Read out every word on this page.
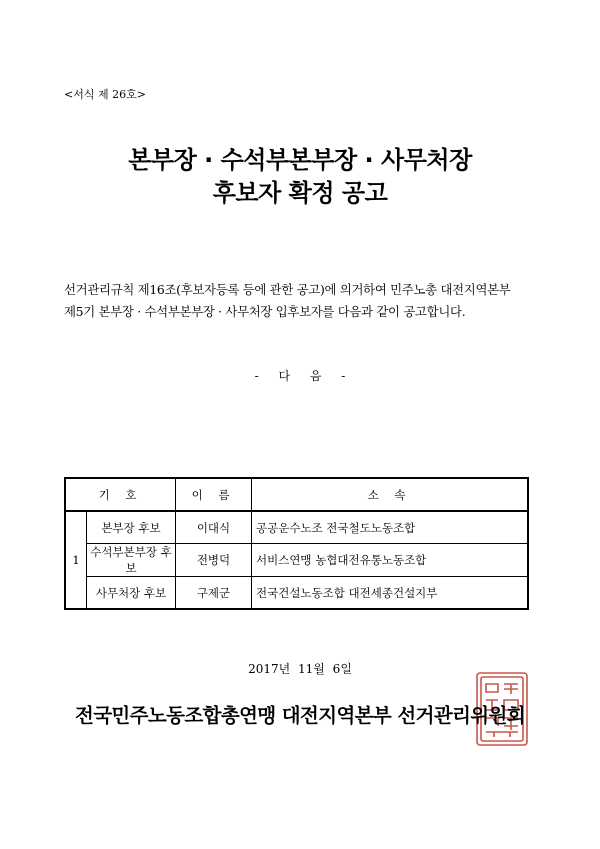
<서식 제 26호>
본부장 · 수석부본부장 · 사무처장
후보자 확정 공고
선거관리규칙 제16조(후보자등록 등에 관한 공고)에 의거하여 민주노총 대전지역본부
제5기 본부장 · 수석부본부장 · 사무처장 입후보자를 다음과 같이 공고합니다.
- 다 음 -
기 호		이 름	소 속
1	본부장 후보	이대식	공공운수노조 전국철도노동조합
	수석부본부장 후보	전병덕	서비스연맹 농협대전유통노동조합
	사무처장 후보	구제군	전국건설노동조합 대전세종건설지부
2017년 11월 6일
전국민주노동조합총연맹 대전지역본부 선거관리위원회
